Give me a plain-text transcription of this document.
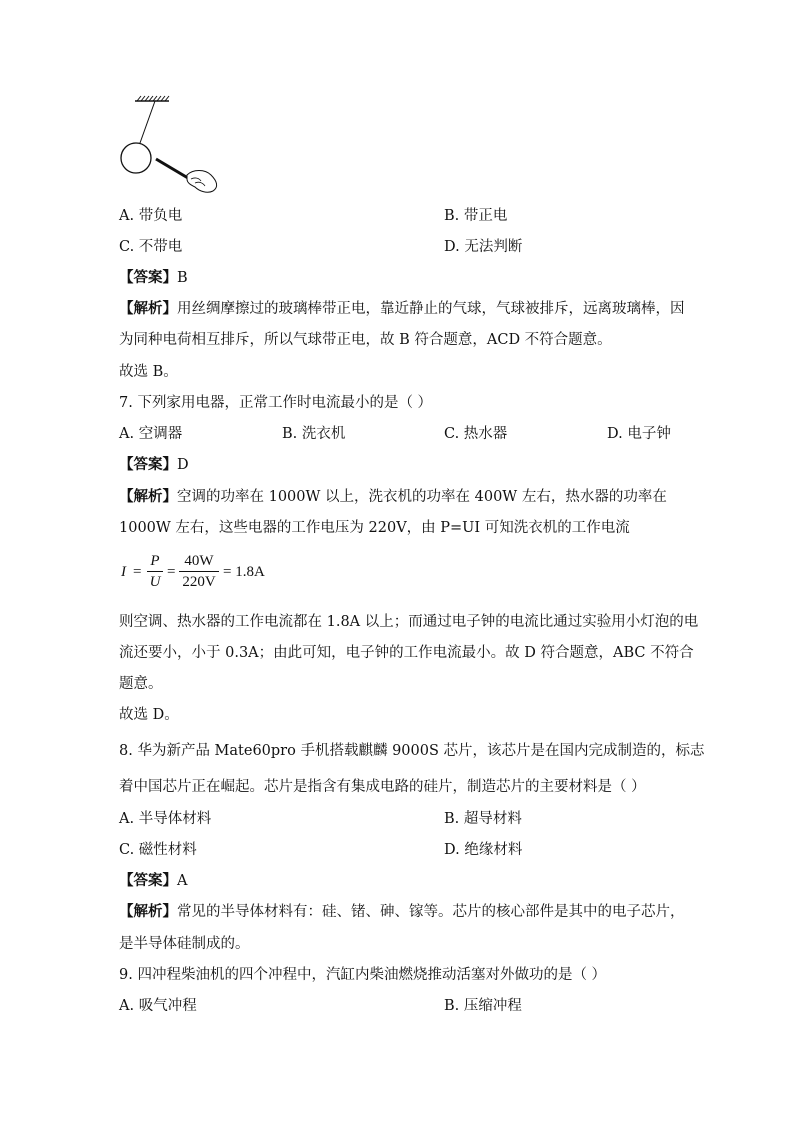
A. 带负电	B. 带正电
C. 不带电	D. 无法判断
【答案】B
【解析】用丝绸摩擦过的玻璃棒带正电，靠近静止的气球，气球被排斥，远离玻璃棒，因
为同种电荷相互排斥，所以气球带正电，故 B 符合题意，ACD 不符合题意。
故选 B。
7. 下列家用电器，正常工作时电流最小的是（ ）
A. 空调器	B. 洗衣机	C. 热水器	D. 电子钟
【答案】D
【解析】空调的功率在 1000W 以上，洗衣机的功率在 400W 左右，热水器的功率在
1000W 左右，这些电器的工作电压为 220V，由 P=UI 可知洗衣机的工作电流
I =
P
U
=
40W
220V
= 1.8A
则空调、热水器的工作电流都在 1.8A 以上；而通过电子钟的电流比通过实验用小灯泡的电
流还要小，小于 0.3A；由此可知，电子钟的工作电流最小。故 D 符合题意，ABC 不符合
题意。
故选 D。
8. 华为新产品 Mate60pro 手机搭载麒麟 9000S 芯片，该芯片是在国内完成制造的，标志
着中国芯片正在崛起。芯片是指含有集成电路的硅片，制造芯片的主要材料是（ ）
A. 半导体材料	B. 超导材料
C. 磁性材料	D. 绝缘材料
【答案】A
【解析】常见的半导体材料有：硅、锗、砷、镓等。芯片的核心部件是其中的电子芯片，
是半导体硅制成的。
9. 四冲程柴油机的四个冲程中，汽缸内柴油燃烧推动活塞对外做功的是（ ）
A. 吸气冲程	B. 压缩冲程
